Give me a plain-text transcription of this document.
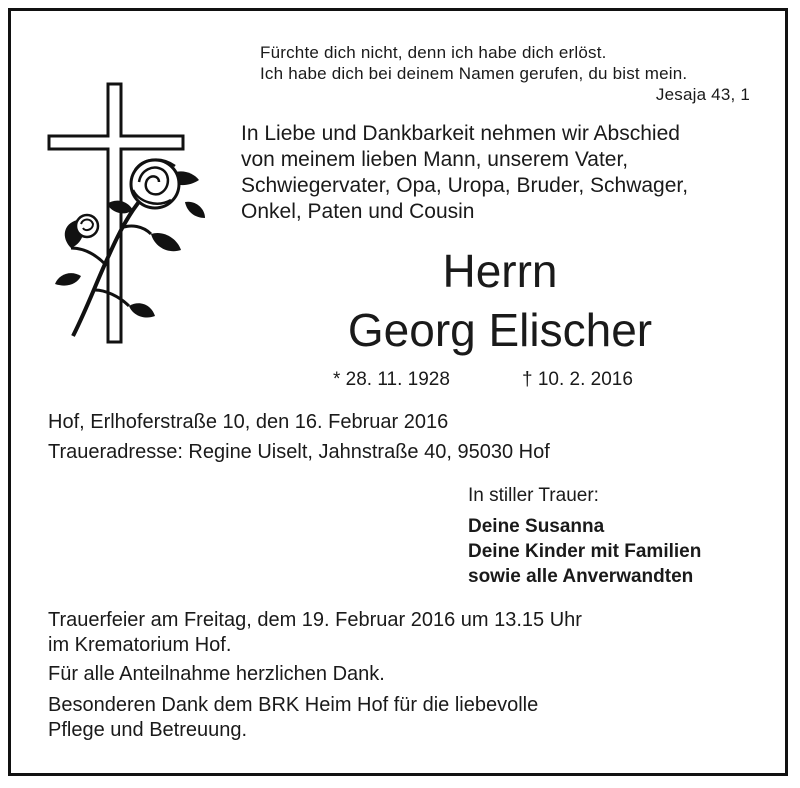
Fürchte dich nicht, denn ich habe dich erlöst.
Ich habe dich bei deinem Namen gerufen, du bist mein.
Jesaja 43, 1
In Liebe und Dankbarkeit nehmen wir Abschied
von meinem lieben Mann, unserem Vater,
Schwiegervater, Opa, Uropa, Bruder, Schwager,
Onkel, Paten und Cousin
Herrn
Georg Elischer
* 28. 11. 1928	† 10. 2. 2016
Hof, Erlhoferstraße 10, den 16. Februar 2016
Traueradresse: Regine Uiselt, Jahnstraße 40, 95030 Hof
In stiller Trauer:
Deine Susanna
Deine Kinder mit Familien
sowie alle Anverwandten
Trauerfeier am Freitag, dem 19. Februar 2016 um 13.15 Uhr
im Krematorium Hof.
Für alle Anteilnahme herzlichen Dank.
Besonderen Dank dem BRK Heim Hof für die liebevolle
Pflege und Betreuung.
